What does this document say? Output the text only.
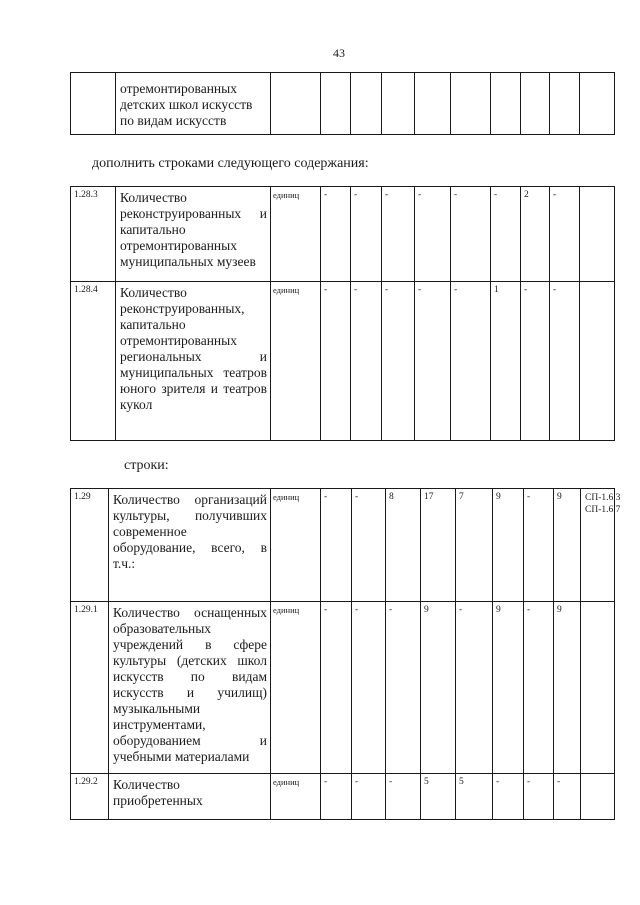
43
	отремонтированных детских школ искусств по видам искусств										
дополнить строками следующего содержания:
1.28.3	Количество реконструированных и капитально отремонтированных муниципальных музеев	единиц	-	-	-	-	-	-	2	-	
1.28.4	Количество реконструированных, капитально отремонтированных региональных и муниципальных театров юного зрителя и театров кукол	единиц	-	-	-	-	-	1	-	-	
строки:
1.29	Количество организаций культуры, получивших современное оборудование, всего, в т.ч.:	единиц	-	-	8	17	7	9	-	9	СП-1.6.3 СП-1.6.7
1.29.1	Количество оснащенных образовательных учреждений в сфере культуры (детских школ искусств по видам искусств и училищ) музыкальными инструментами, оборудованием и учебными материалами	единиц	-	-	-	9	-	9	-	9	
1.29.2	Количество приобретенных	единиц	-	-	-	5	5	-	-	-	
